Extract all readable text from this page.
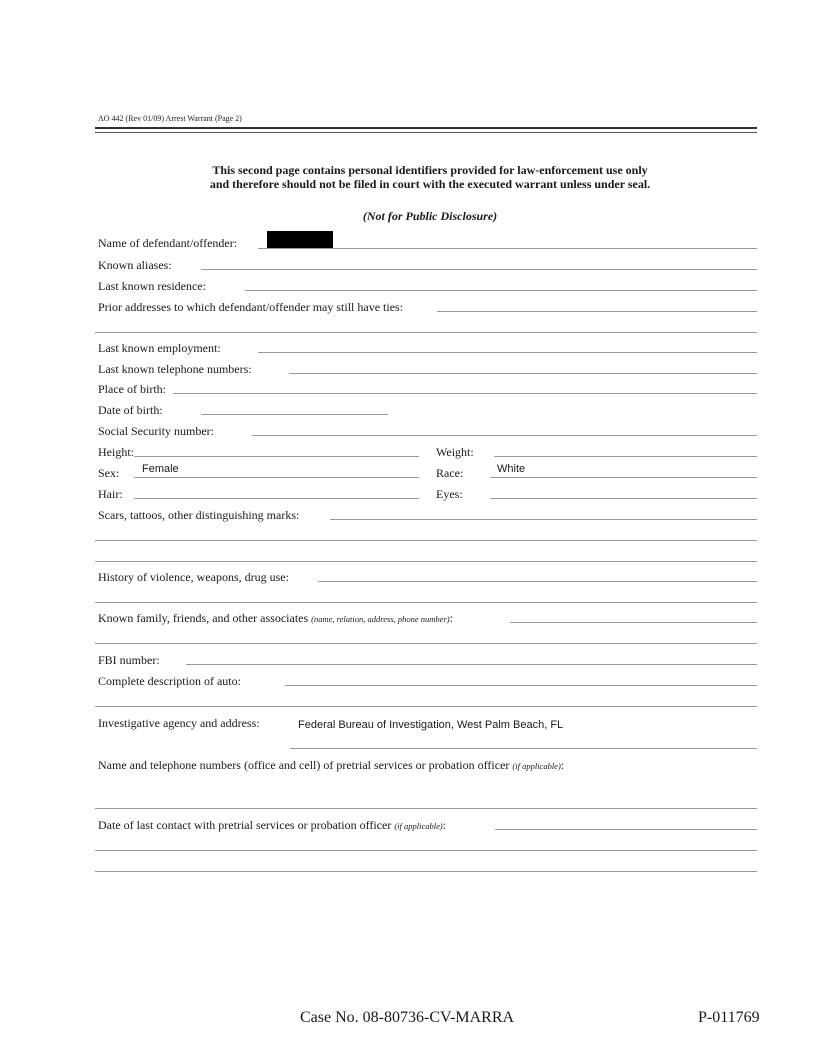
AO 442 (Rev 01/09) Arrest Warrant (Page 2)
This second page contains personal identifiers provided for law-enforcement use only
and therefore should not be filed in court with the executed warrant unless under seal.
(Not for Public Disclosure)
Name of defendant/offender:
Known aliases:
Last known residence:
Prior addresses to which defendant/offender may still have ties:
Last known employment:
Last known telephone numbers:
Place of birth:
Date of birth:
Social Security number:
Height:	Weight:
Sex: Female	Race:	White
Hair:	Eyes:
Scars, tattoos, other distinguishing marks:
History of violence, weapons, drug use:
Known family, friends, and other associates (name, relation, address, phone number):
FBI number:
Complete description of auto:
Investigative agency and address:	Federal Bureau of Investigation, West Palm Beach, FL
Name and telephone numbers (office and cell) of pretrial services or probation officer (if applicable):
Date of last contact with pretrial services or probation officer (if applicable):
Case No. 08-80736-CV-MARRA	P-011769
